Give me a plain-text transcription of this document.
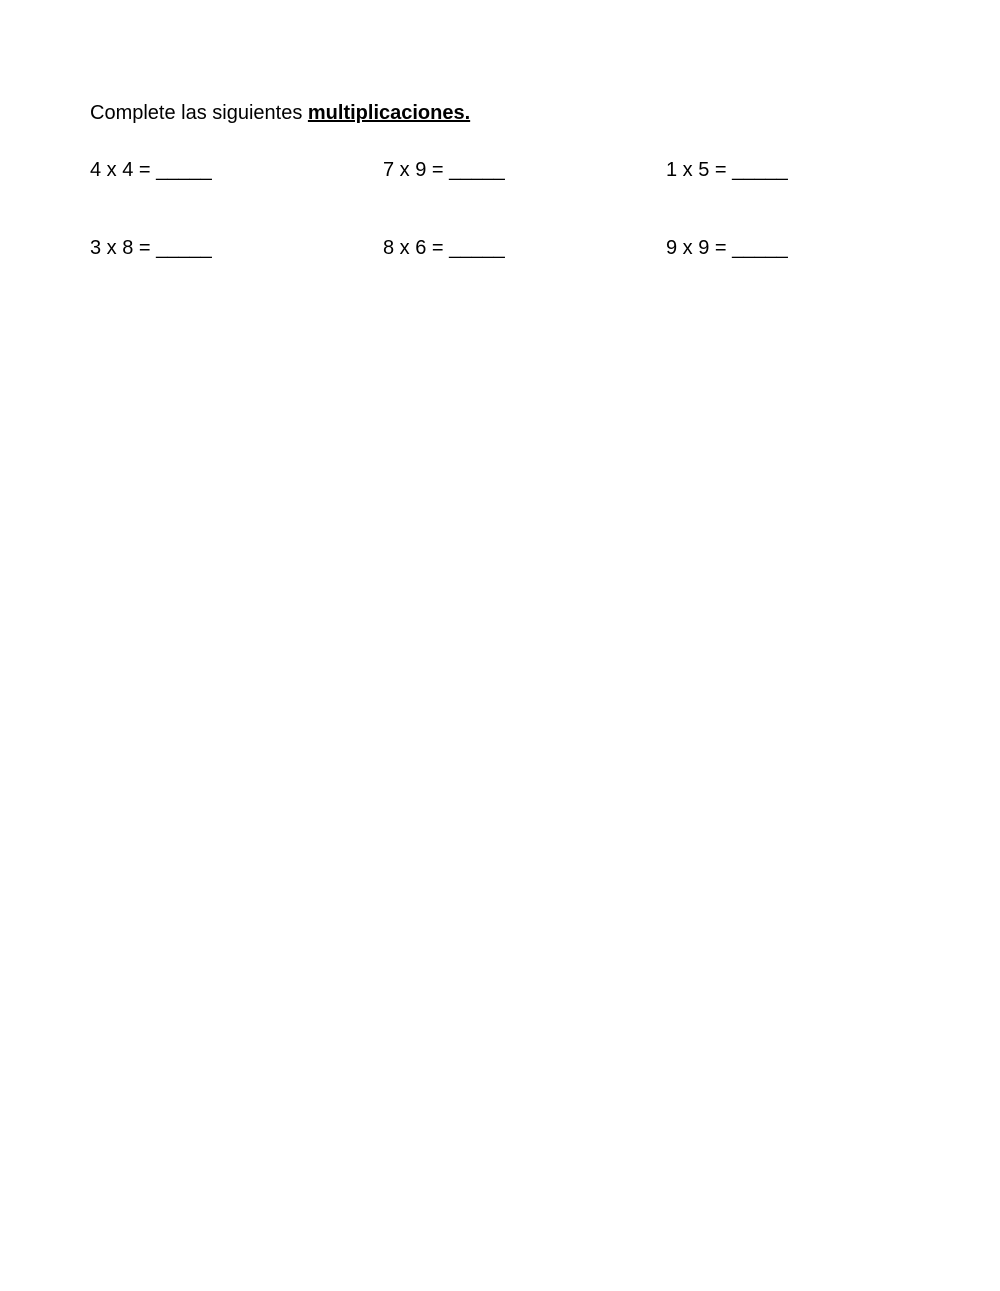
Complete las siguientes multiplicaciones.
4 x 4 = _____	7 x 9 = _____	1 x 5 = _____
3 x 8 = _____	8 x 6 = _____	9 x 9 = _____
